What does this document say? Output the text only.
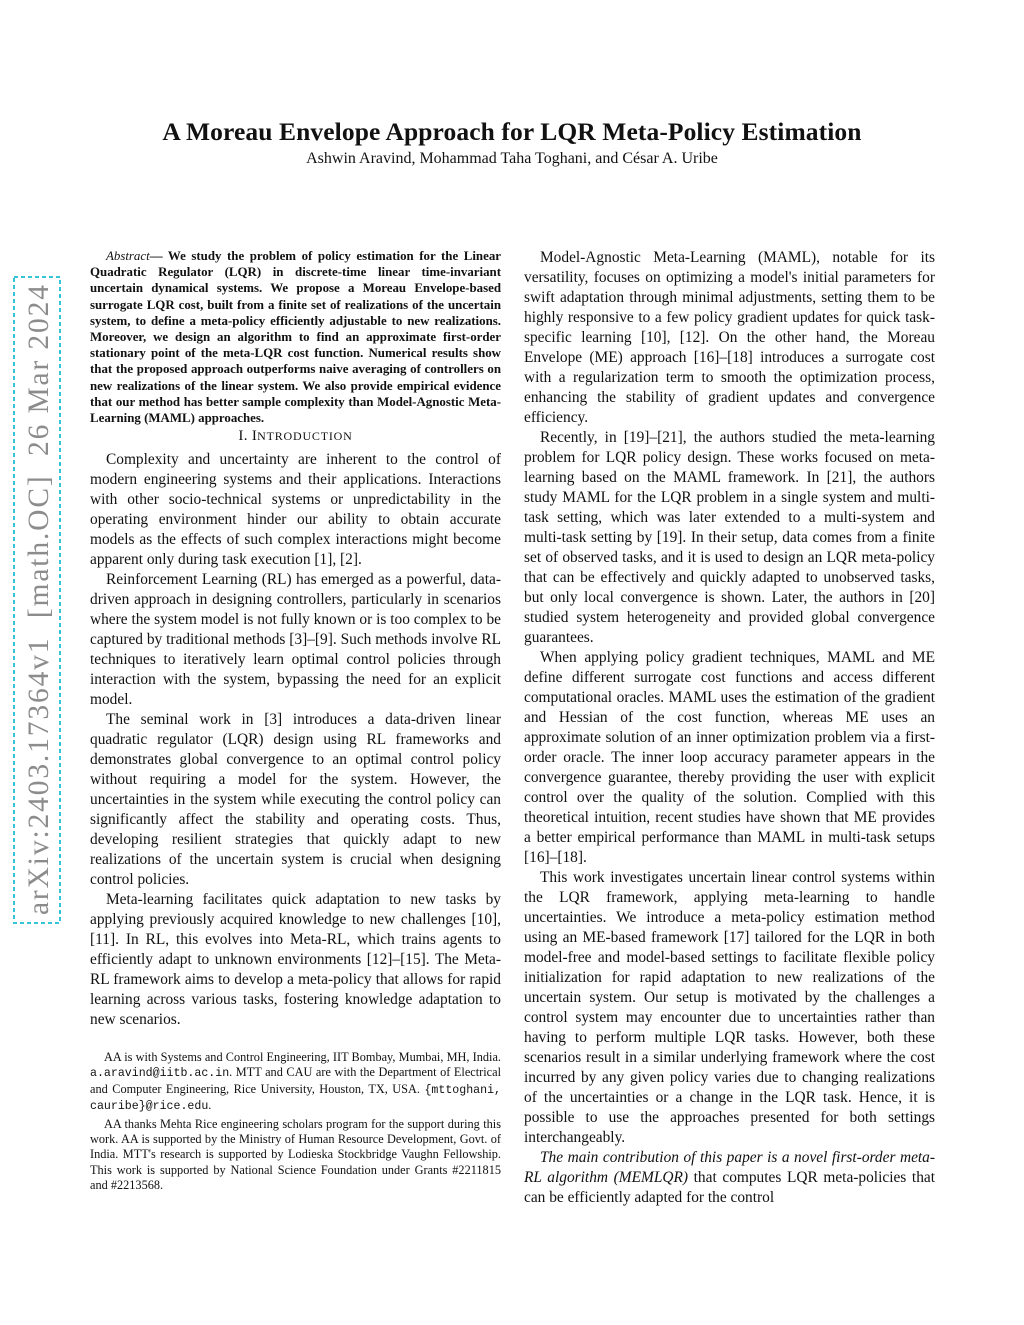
arXiv:2403.17364v1  [math.OC]  26 Mar 2024
A Moreau Envelope Approach for LQR Meta-Policy Estimation
Ashwin Aravind, Mohammad Taha Toghani, and César A. Uribe

Abstract— We study the problem of policy estimation for the Linear Quadratic Regulator (LQR) in discrete-time linear time-invariant uncertain dynamical systems. We propose a Moreau Envelope-based surrogate LQR cost, built from a finite set of realizations of the uncertain system, to define a meta-policy efficiently adjustable to new realizations. Moreover, we design an algorithm to find an approximate first-order stationary point of the meta-LQR cost function. Numerical results show that the proposed approach outperforms naive averaging of controllers on new realizations of the linear system. We also provide empirical evidence that our method has better sample complexity than Model-Agnostic Meta-Learning (MAML) approaches.

I. INTRODUCTION

Complexity and uncertainty are inherent to the control of modern engineering systems and their applications. Interactions with other socio-technical systems or unpredictability in the operating environment hinder our ability to obtain accurate models as the effects of such complex interactions might become apparent only during task execution [1], [2].

Reinforcement Learning (RL) has emerged as a powerful, data-driven approach in designing controllers, particularly in scenarios where the system model is not fully known or is too complex to be captured by traditional methods [3]–[9]. Such methods involve RL techniques to iteratively learn optimal control policies through interaction with the system, bypassing the need for an explicit model.

The seminal work in [3] introduces a data-driven linear quadratic regulator (LQR) design using RL frameworks and demonstrates global convergence to an optimal control policy without requiring a model for the system. However, the uncertainties in the system while executing the control policy can significantly affect the stability and operating costs. Thus, developing resilient strategies that quickly adapt to new realizations of the uncertain system is crucial when designing control policies.

Meta-learning facilitates quick adaptation to new tasks by applying previously acquired knowledge to new challenges [10], [11]. In RL, this evolves into Meta-RL, which trains agents to efficiently adapt to unknown environments [12]–[15]. The Meta-RL framework aims to develop a meta-policy that allows for rapid learning across various tasks, fostering knowledge adaptation to new scenarios.

AA is with Systems and Control Engineering, IIT Bombay, Mumbai, MH, India. a.aravind@iitb.ac.in. MTT and CAU are with the Department of Electrical and Computer Engineering, Rice University, Houston, TX, USA. {mttoghani, cauribe}@rice.edu.

AA thanks Mehta Rice engineering scholars program for the support during this work. AA is supported by the Ministry of Human Resource Development, Govt. of India. MTT's research is supported by Lodieska Stockbridge Vaughn Fellowship. This work is supported by National Science Foundation under Grants #2211815 and #2213568.

Model-Agnostic Meta-Learning (MAML), notable for its versatility, focuses on optimizing a model's initial parameters for swift adaptation through minimal adjustments, setting them to be highly responsive to a few policy gradient updates for quick task-specific learning [10], [12]. On the other hand, the Moreau Envelope (ME) approach [16]–[18] introduces a surrogate cost with a regularization term to smooth the optimization process, enhancing the stability of gradient updates and convergence efficiency.

Recently, in [19]–[21], the authors studied the meta-learning problem for LQR policy design. These works focused on meta-learning based on the MAML framework. In [21], the authors study MAML for the LQR problem in a single system and multi-task setting, which was later extended to a multi-system and multi-task setting by [19]. In their setup, data comes from a finite set of observed tasks, and it is used to design an LQR meta-policy that can be effectively and quickly adapted to unobserved tasks, but only local convergence is shown. Later, the authors in [20] studied system heterogeneity and provided global convergence guarantees.

When applying policy gradient techniques, MAML and ME define different surrogate cost functions and access different computational oracles. MAML uses the estimation of the gradient and Hessian of the cost function, whereas ME uses an approximate solution of an inner optimization problem via a first-order oracle. The inner loop accuracy parameter appears in the convergence guarantee, thereby providing the user with explicit control over the quality of the solution. Complied with this theoretical intuition, recent studies have shown that ME provides a better empirical performance than MAML in multi-task setups [16]–[18].

This work investigates uncertain linear control systems within the LQR framework, applying meta-learning to handle uncertainties. We introduce a meta-policy estimation method using an ME-based framework [17] tailored for the LQR in both model-free and model-based settings to facilitate flexible policy initialization for rapid adaptation to new realizations of the uncertain system. Our setup is motivated by the challenges a control system may encounter due to uncertainties rather than having to perform multiple LQR tasks. However, both these scenarios result in a similar underlying framework where the cost incurred by any given policy varies due to changing realizations of the uncertainties or a change in the LQR task. Hence, it is possible to use the approaches presented for both settings interchangeably.

The main contribution of this paper is a novel first-order meta-RL algorithm (MEMLQR) that computes LQR meta-policies that can be efficiently adapted for the control
